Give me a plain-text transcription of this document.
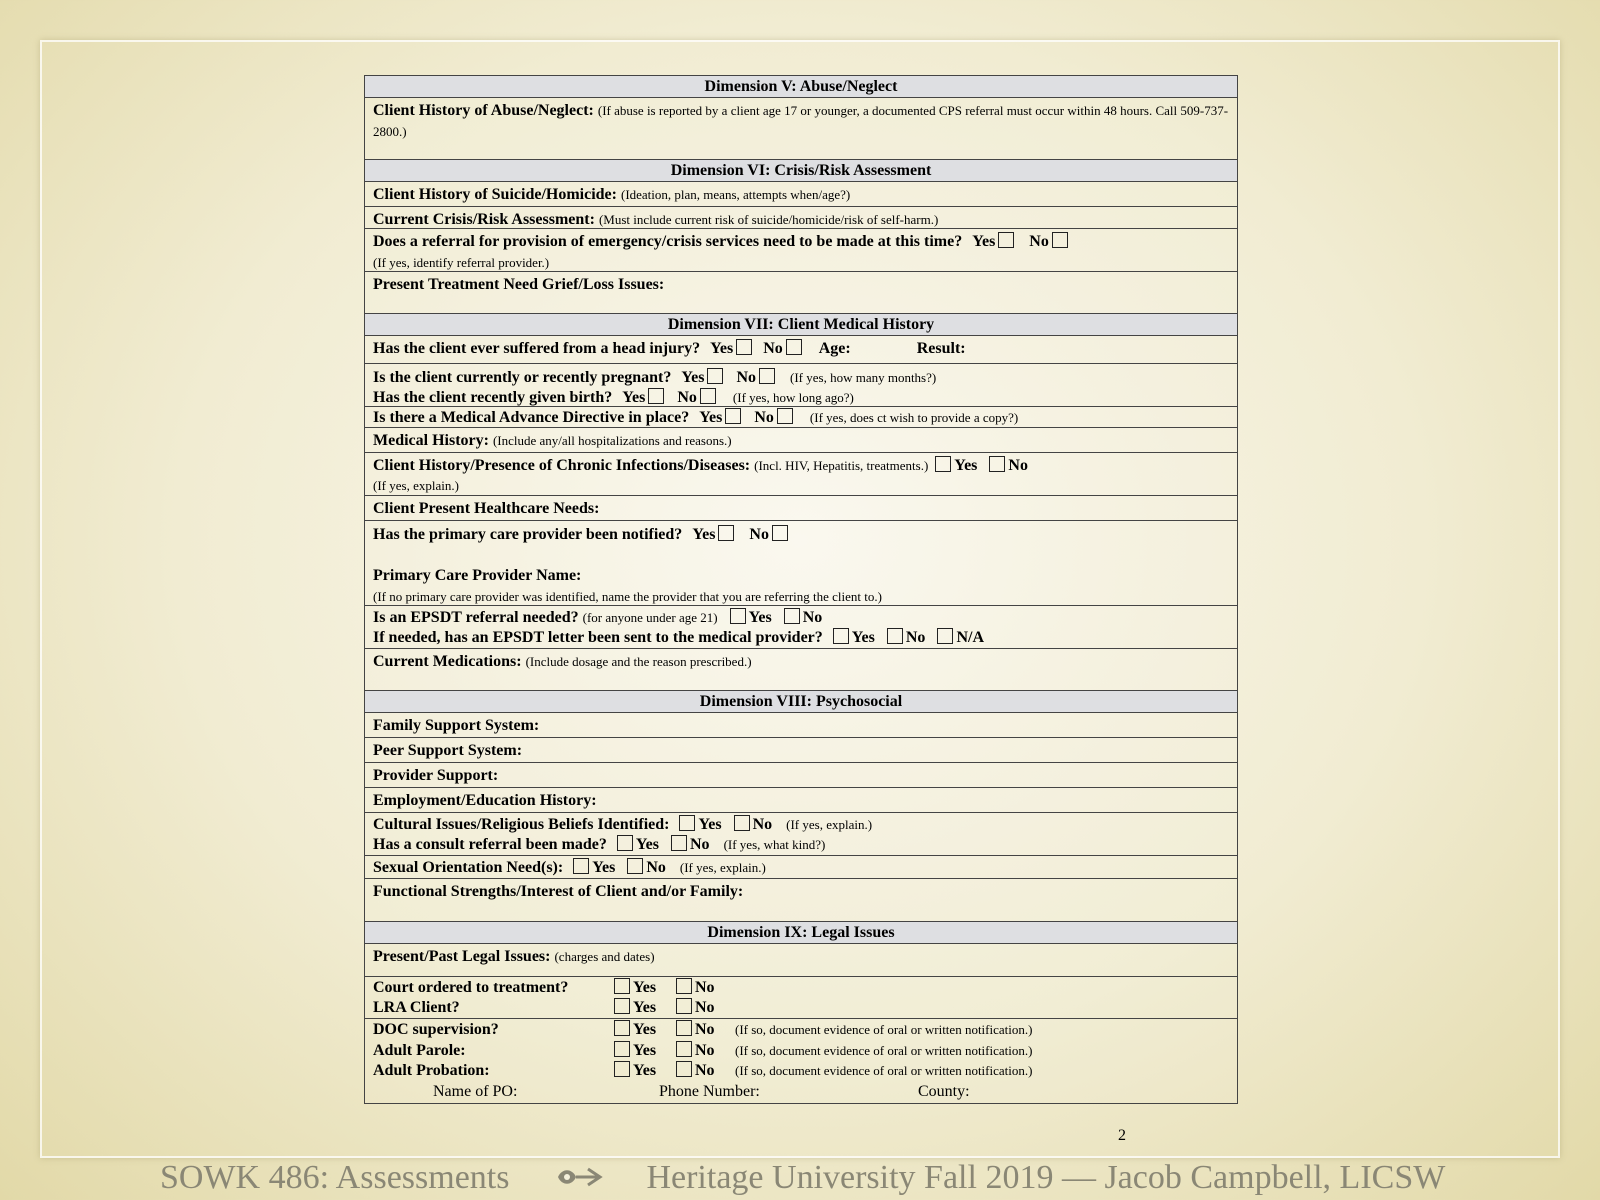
Dimension V: Abuse/Neglect
Client History of Abuse/Neglect: (If abuse is reported by a client age 17 or younger, a documented CPS referral must occur within 48 hours. Call 509-737-2800.)
Dimension VI: Crisis/Risk Assessment
Client History of Suicide/Homicide: (Ideation, plan, means, attempts when/age?)
Current Crisis/Risk Assessment: (Must include current risk of suicide/homicide/risk of self-harm.)
Does a referral for provision of emergency/crisis services need to be made at this time? Yes No
(If yes, identify referral provider.)
Present Treatment Need Grief/Loss Issues:
Dimension VII: Client Medical History
Has the client ever suffered from a head injury? Yes No Age:	Result:
Is the client currently or recently pregnant? Yes No	(If yes, how many months?)
Has the client recently given birth? Yes No	(If yes, how long ago?)
Is there a Medical Advance Directive in place? Yes No	(If yes, does ct wish to provide a copy?)
Medical History: (Include any/all hospitalizations and reasons.)
Client History/Presence of Chronic Infections/Diseases: (Incl. HIV, Hepatitis, treatments.) Yes No
(If yes, explain.)
Client Present Healthcare Needs:
Has the primary care provider been notified? Yes No
Primary Care Provider Name:
(If no primary care provider was identified, name the provider that you are referring the client to.)
Is an EPSDT referral needed? (for anyone under age 21) Yes No
If needed, has an EPSDT letter been sent to the medical provider? Yes No N/A
Current Medications: (Include dosage and the reason prescribed.)
Dimension VIII: Psychosocial
Family Support System:
Peer Support System:
Provider Support:
Employment/Education History:
Cultural Issues/Religious Beliefs Identified: Yes No (If yes, explain.)
Has a consult referral been made? Yes No (If yes, what kind?)
Sexual Orientation Need(s): Yes No (If yes, explain.)
Functional Strengths/Interest of Client and/or Family:
Dimension IX: Legal Issues
Present/Past Legal Issues: (charges and dates)
Court ordered to treatment?	Yes	No
LRA Client?	Yes	No
DOC supervision?	Yes	No	(If so, document evidence of oral or written notification.)
Adult Parole:	Yes	No	(If so, document evidence of oral or written notification.)
Adult Probation:	Yes	No	(If so, document evidence of oral or written notification.)
Name of PO:	Phone Number:	County:
2
SOWK 486: Assessments	Heritage University Fall 2019 — Jacob Campbell, LICSW
